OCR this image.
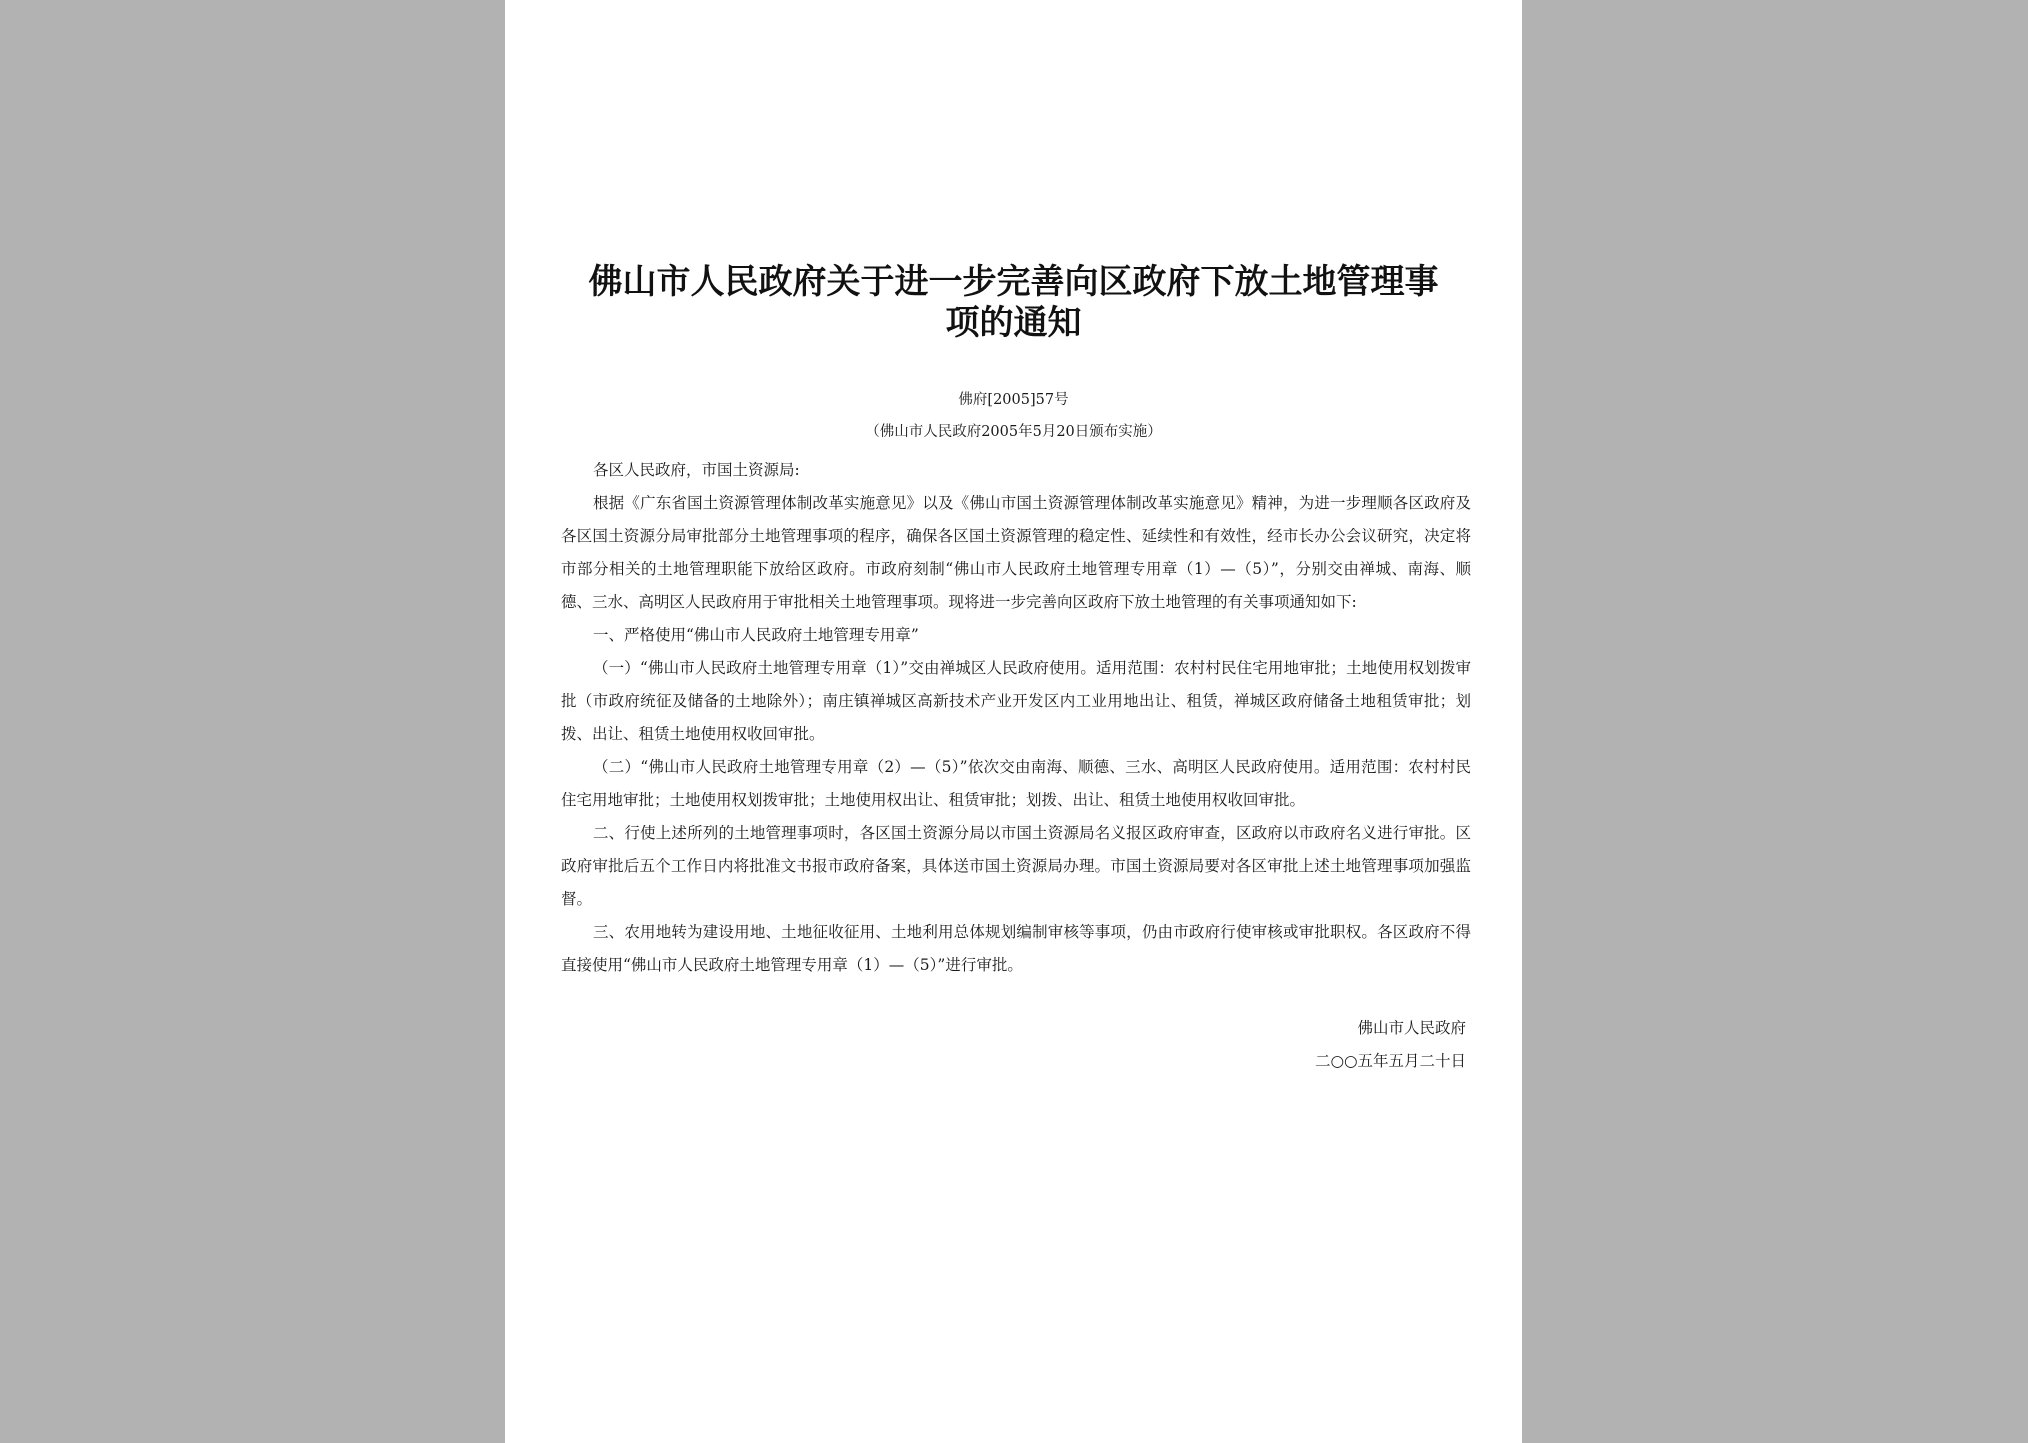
佛山市人民政府关于进一步完善向区政府下放土地管理事项的通知
佛府[2005]57号
（佛山市人民政府2005年5月20日颁布实施）

各区人民政府，市国土资源局:

根据《广东省国土资源管理体制改革实施意见》以及《佛山市国土资源管理体制改革实施意见》精神，为进一步理顺各区政府及各区国土资源分局审批部分土地管理事项的程序，确保各区国土资源管理的稳定性、延续性和有效性，经市长办公会议研究，决定将市部分相关的土地管理职能下放给区政府。市政府刻制“佛山市人民政府土地管理专用章（1）—（5）”，分别交由禅城、南海、顺德、三水、高明区人民政府用于审批相关土地管理事项。现将进一步完善向区政府下放土地管理的有关事项通知如下:

一、严格使用“佛山市人民政府土地管理专用章”

（一）“佛山市人民政府土地管理专用章（1）”交由禅城区人民政府使用。适用范围：农村村民住宅用地审批；土地使用权划拨审批（市政府统征及储备的土地除外）；南庄镇禅城区高新技术产业开发区内工业用地出让、租赁，禅城区政府储备土地租赁审批；划拨、出让、租赁土地使用权收回审批。

（二）“佛山市人民政府土地管理专用章（2）—（5）”依次交由南海、顺德、三水、高明区人民政府使用。适用范围：农村村民住宅用地审批；土地使用权划拨审批；土地使用权出让、租赁审批；划拨、出让、租赁土地使用权收回审批。

二、行使上述所列的土地管理事项时，各区国土资源分局以市国土资源局名义报区政府审查，区政府以市政府名义进行审批。区政府审批后五个工作日内将批准文书报市政府备案，具体送市国土资源局办理。市国土资源局要对各区审批上述土地管理事项加强监督。

三、农用地转为建设用地、土地征收征用、土地利用总体规划编制审核等事项，仍由市政府行使审核或审批职权。各区政府不得直接使用“佛山市人民政府土地管理专用章（1）—（5）”进行审批。

佛山市人民政府
二○○五年五月二十日
